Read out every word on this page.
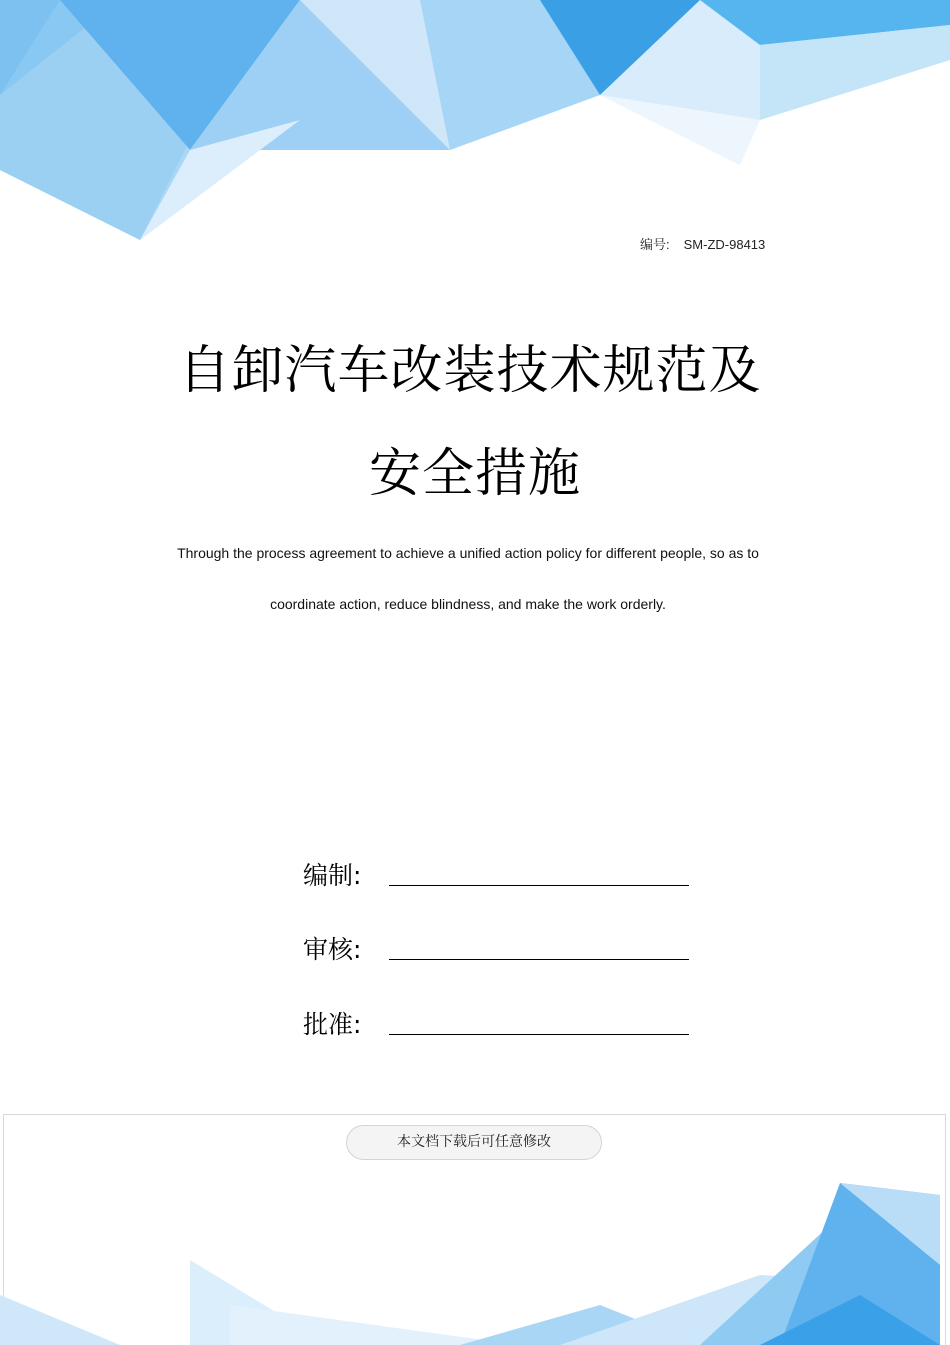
编号: SM-ZD-98413
自卸汽车改装技术规范及
安全措施
Through the process agreement to achieve a unified action policy for different people, so as to
coordinate action, reduce blindness, and make the work orderly.
编制:
审核:
批准:
本文档下载后可任意修改
